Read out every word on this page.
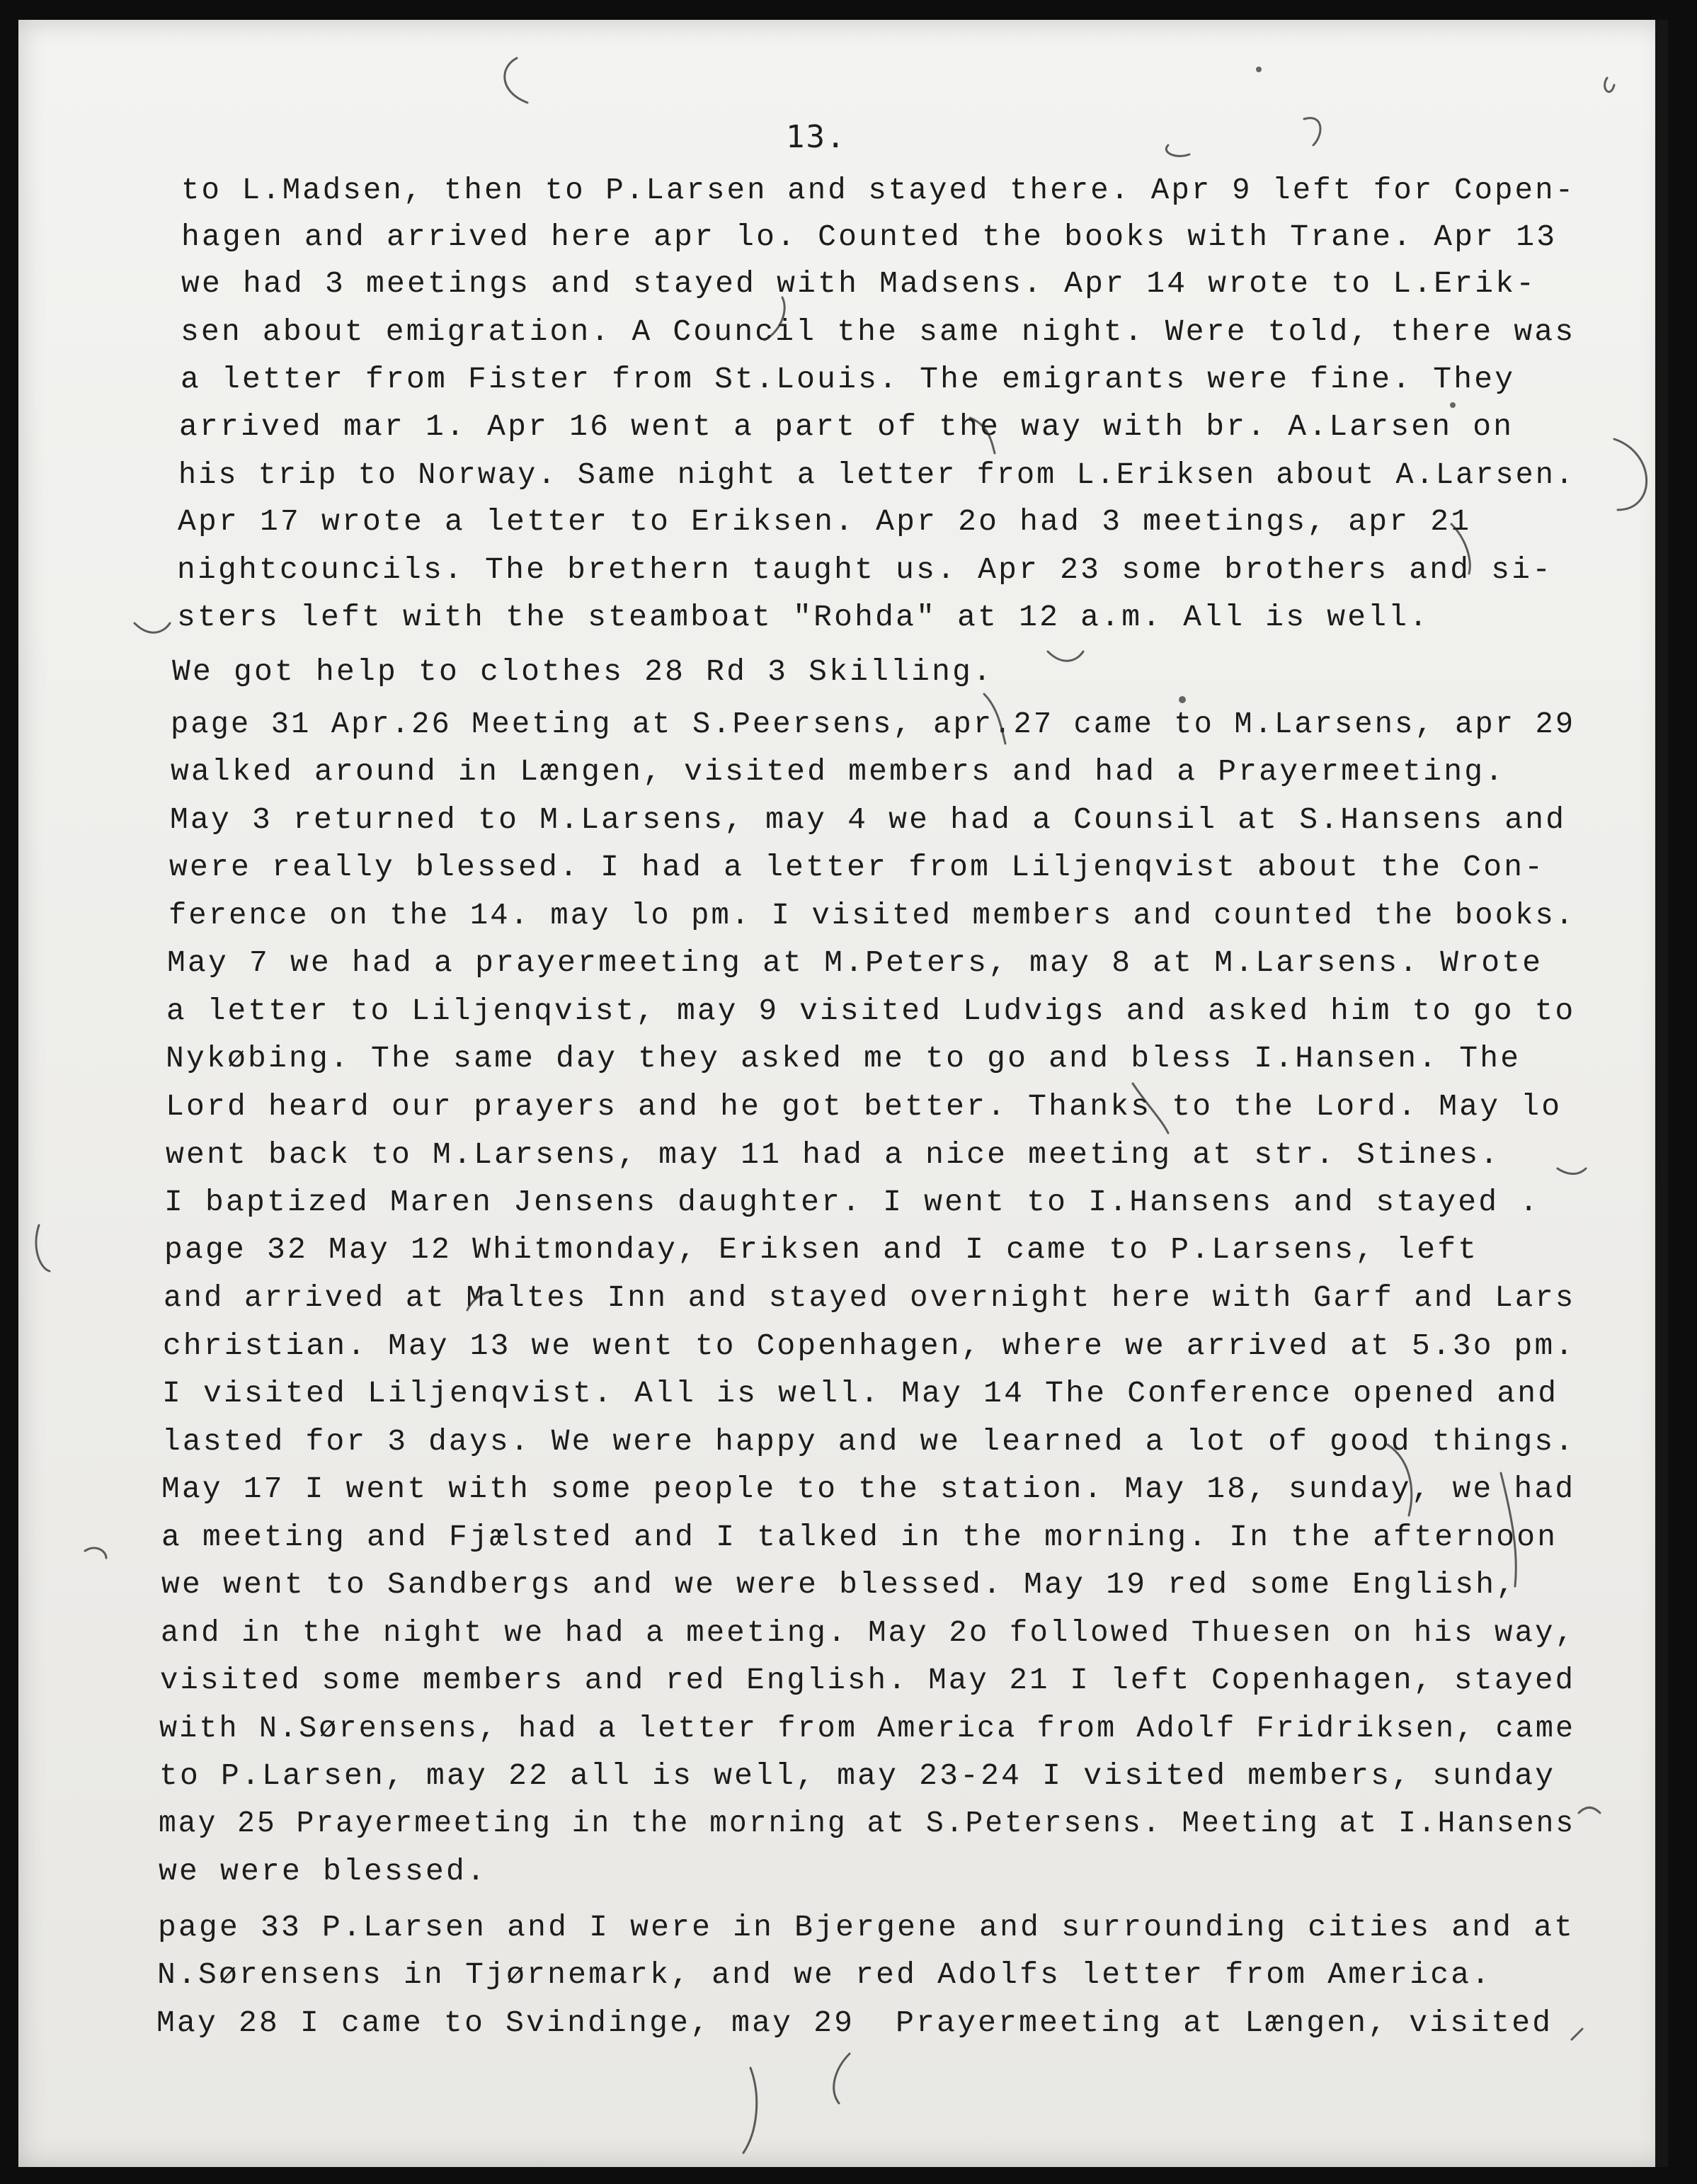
13.
to L.Madsen, then to P.Larsen and stayed there. Apr 9 left for Copen-
hagen and arrived here apr lo. Counted the books with Trane. Apr 13
we had 3 meetings and stayed with Madsens. Apr 14 wrote to L.Erik-
sen about emigration. A Council the same night. Were told, there was
a letter from Fister from St.Louis. The emigrants were fine. They
arrived mar 1. Apr 16 went a part of the way with br. A.Larsen on
his trip to Norway. Same night a letter from L.Eriksen about A.Larsen.
Apr 17 wrote a letter to Eriksen. Apr 2o had 3 meetings, apr 21
nightcouncils. The brethern taught us. Apr 23 some brothers and si-
sters left with the steamboat "Rohda" at 12 a.m. All is well.
We got help to clothes 28 Rd 3 Skilling.
page 31 Apr.26 Meeting at S.Peersens, apr.27 came to M.Larsens, apr 29
walked around in Længen, visited members and had a Prayermeeting.
May 3 returned to M.Larsens, may 4 we had a Counsil at S.Hansens and
were really blessed. I had a letter from Liljenqvist about the Con-
ference on the 14. may lo pm. I visited members and counted the books.
May 7 we had a prayermeeting at M.Peters, may 8 at M.Larsens. Wrote
a letter to Liljenqvist, may 9 visited Ludvigs and asked him to go to
Nykøbing. The same day they asked me to go and bless I.Hansen. The
Lord heard our prayers and he got better. Thanks to the Lord. May lo
went back to M.Larsens, may 11 had a nice meeting at str. Stines.
I baptized Maren Jensens daughter. I went to I.Hansens and stayed .
page 32 May 12 Whitmonday, Eriksen and I came to P.Larsens, left
and arrived at Maltes Inn and stayed overnight here with Garf and Lars
christian. May 13 we went to Copenhagen, where we arrived at 5.3o pm.
I visited Liljenqvist. All is well. May 14 The Conference opened and
lasted for 3 days. We were happy and we learned a lot of good things.
May 17 I went with some people to the station. May 18, sunday, we had
a meeting and Fjælsted and I talked in the morning. In the afternoon
we went to Sandbergs and we were blessed. May 19 red some English,
and in the night we had a meeting. May 2o followed Thuesen on his way,
visited some members and red English. May 21 I left Copenhagen, stayed
with N.Sørensens, had a letter from America from Adolf Fridriksen, came
to P.Larsen, may 22 all is well, may 23-24 I visited members, sunday
may 25 Prayermeeting in the morning at S.Petersens. Meeting at I.Hansens
we were blessed.
page 33 P.Larsen and I were in Bjergene and surrounding cities and at
N.Sørensens in Tjørnemark, and we red Adolfs letter from America.
May 28 I came to Svindinge, may 29  Prayermeeting at Længen, visited
